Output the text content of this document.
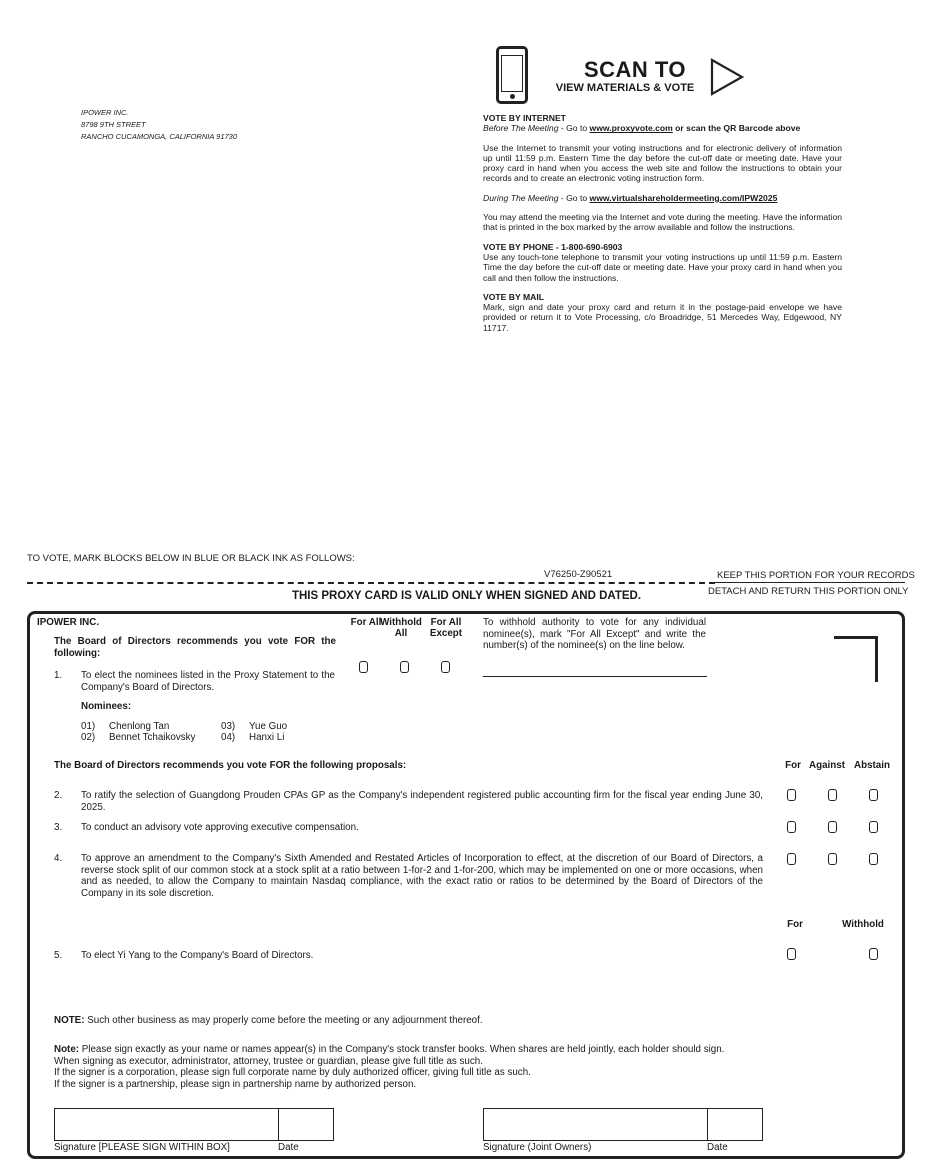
IPOWER INC.
8798 9TH STREET
RANCHO CUCAMONGA, CALIFORNIA 91730
SCAN TO
VIEW MATERIALS & VOTE
VOTE BY INTERNET
Before The Meeting - Go to www.proxyvote.com or scan the QR Barcode above
Use the Internet to transmit your voting instructions and for electronic delivery of information up until 11:59 p.m. Eastern Time the day before the cut-off date or meeting date. Have your proxy card in hand when you access the web site and follow the instructions to obtain your records and to create an electronic voting instruction form.
During The Meeting - Go to www.virtualshareholdermeeting.com/IPW2025
You may attend the meeting via the Internet and vote during the meeting. Have the information that is printed in the box marked by the arrow available and follow the instructions.
VOTE BY PHONE - 1-800-690-6903
Use any touch-tone telephone to transmit your voting instructions up until 11:59 p.m. Eastern Time the day before the cut-off date or meeting date. Have your proxy card in hand when you call and then follow the instructions.
VOTE BY MAIL
Mark, sign and date your proxy card and return it in the postage-paid envelope we have provided or return it to Vote Processing, c/o Broadridge, 51 Mercedes Way, Edgewood, NY 11717.
TO VOTE, MARK BLOCKS BELOW IN BLUE OR BLACK INK AS FOLLOWS:
V76250-Z90521	KEEP THIS PORTION FOR YOUR RECORDS
DETACH AND RETURN THIS PORTION ONLY
THIS PROXY CARD IS VALID ONLY WHEN SIGNED AND DATED.
IPOWER INC.
The Board of Directors recommends you vote FOR the following:
For All
Withhold All
For All Except
To withhold authority to vote for any individual nominee(s), mark "For All Except" and write the number(s) of the nominee(s) on the line below.
1. To elect the nominees listed in the Proxy Statement to the Company's Board of Directors.
Nominees:
01) Chenlong Tan
02) Bennet Tchaikovsky
03) Yue Guo
04) Hanxi Li
The Board of Directors recommends you vote FOR the following proposals:	For Against Abstain
2. To ratify the selection of Guangdong Prouden CPAs GP as the Company's independent registered public accounting firm for the fiscal year ending June 30, 2025.
3. To conduct an advisory vote approving executive compensation.
4. To approve an amendment to the Company's Sixth Amended and Restated Articles of Incorporation to effect, at the discretion of our Board of Directors, a reverse stock split of our common stock at a stock split at a ratio between 1-for-2 and 1-for-200, which may be implemented on one or more occasions, when and as needed, to allow the Company to maintain Nasdaq compliance, with the exact ratio or ratios to be determined by the Board of Directors of the Company in its sole discretion.
For	Withhold
5. To elect Yi Yang to the Company's Board of Directors.
NOTE: Such other business as may properly come before the meeting or any adjournment thereof.
Note: Please sign exactly as your name or names appear(s) in the Company's stock transfer books. When shares are held jointly, each holder should sign.
When signing as executor, administrator, attorney, trustee or guardian, please give full title as such.
If the signer is a corporation, please sign full corporate name by duly authorized officer, giving full title as such.
If the signer is a partnership, please sign in partnership name by authorized person.
Signature [PLEASE SIGN WITHIN BOX]	Date	Signature (Joint Owners)	Date
